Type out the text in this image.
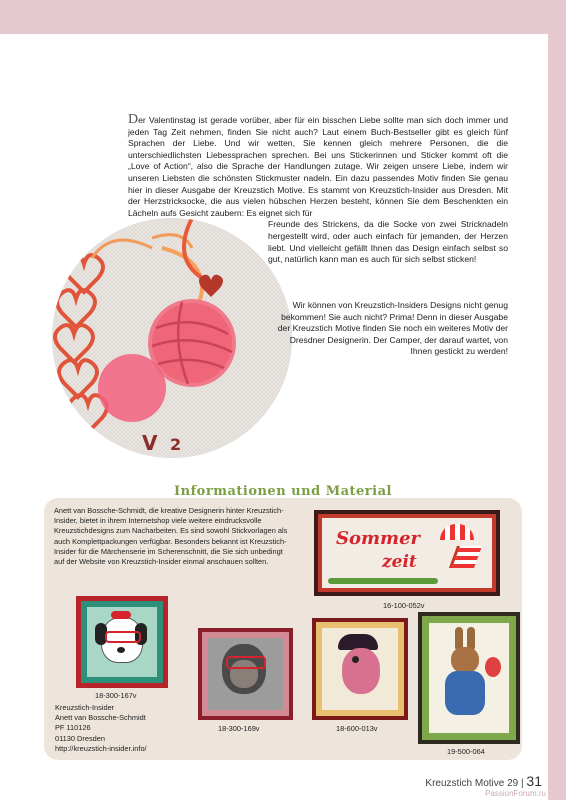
V 2

Der Valentinstag ist gerade vorüber, aber für ein bisschen Liebe sollte man sich doch immer und jeden Tag Zeit nehmen, finden Sie nicht auch? Laut einem Buch-Bestseller gibt es gleich fünf Sprachen der Liebe. Und wir wetten, Sie kennen gleich mehrere Personen, die die unterschiedlichsten Liebessprachen sprechen. Bei uns Stickerinnen und Sticker kommt oft die „Love of Action“, also die Sprache der Handlungen zutage. Wir zeigen unsere Liebe, indem wir unseren Liebsten die schönsten Stickmuster nadeln. Ein dazu passendes Motiv finden Sie genau hier in dieser Ausgabe der Kreuzstich Motive. Es stammt von Kreuzstich-Insider aus Dresden. Mit der Herzstricksocke, die aus vielen hübschen Herzen besteht, können Sie dem Beschenkten ein Lächeln aufs Gesicht zaubern: Es eignet sich für

Freunde des Strickens, da die Socke von zwei Stricknadeln hergestellt wird, oder auch einfach für jemanden, der Herzen liebt. Und vielleicht gefällt Ihnen das Design einfach selbst so gut, natürlich kann man es auch für sich selbst sticken!

Wir können von Kreuzstich-Insiders Designs nicht genug bekommen! Sie auch nicht? Prima! Denn in dieser Ausgabe der Kreuzstich Motive finden Sie noch ein weiteres Motiv der Dresdner Designerin. Der Camper, der darauf wartet, von Ihnen gestickt zu werden!

Informationen und Material

Anett van Bossche-Schmidt, die kreative Designerin hinter Kreuzstich-Insider, bietet in ihrem Internetshop viele weitere eindrucksvolle Kreuzstichdesigns zum Nacharbeiten. Es sind sowohl Stickvorlagen als auch Komplettpackungen verfügbar. Besonders bekannt ist Kreuzstich-Insider für die Märchenserie im Scherenschnitt, die Sie sich unbedingt auf der Website von Kreuzstich-Insider einmal anschauen sollten.

Sommer
zeit
16-100-052v
18-300-167v
18-300-169v	18-600-013v
19-500-064
Kreuzstich-Insider
Anett van Bossche-Schmidt
PF 110126
01130 Dresden
http://kreuzstich-insider.info/
Kreuzstich Motive 29 | 31
PassionForum.ru
